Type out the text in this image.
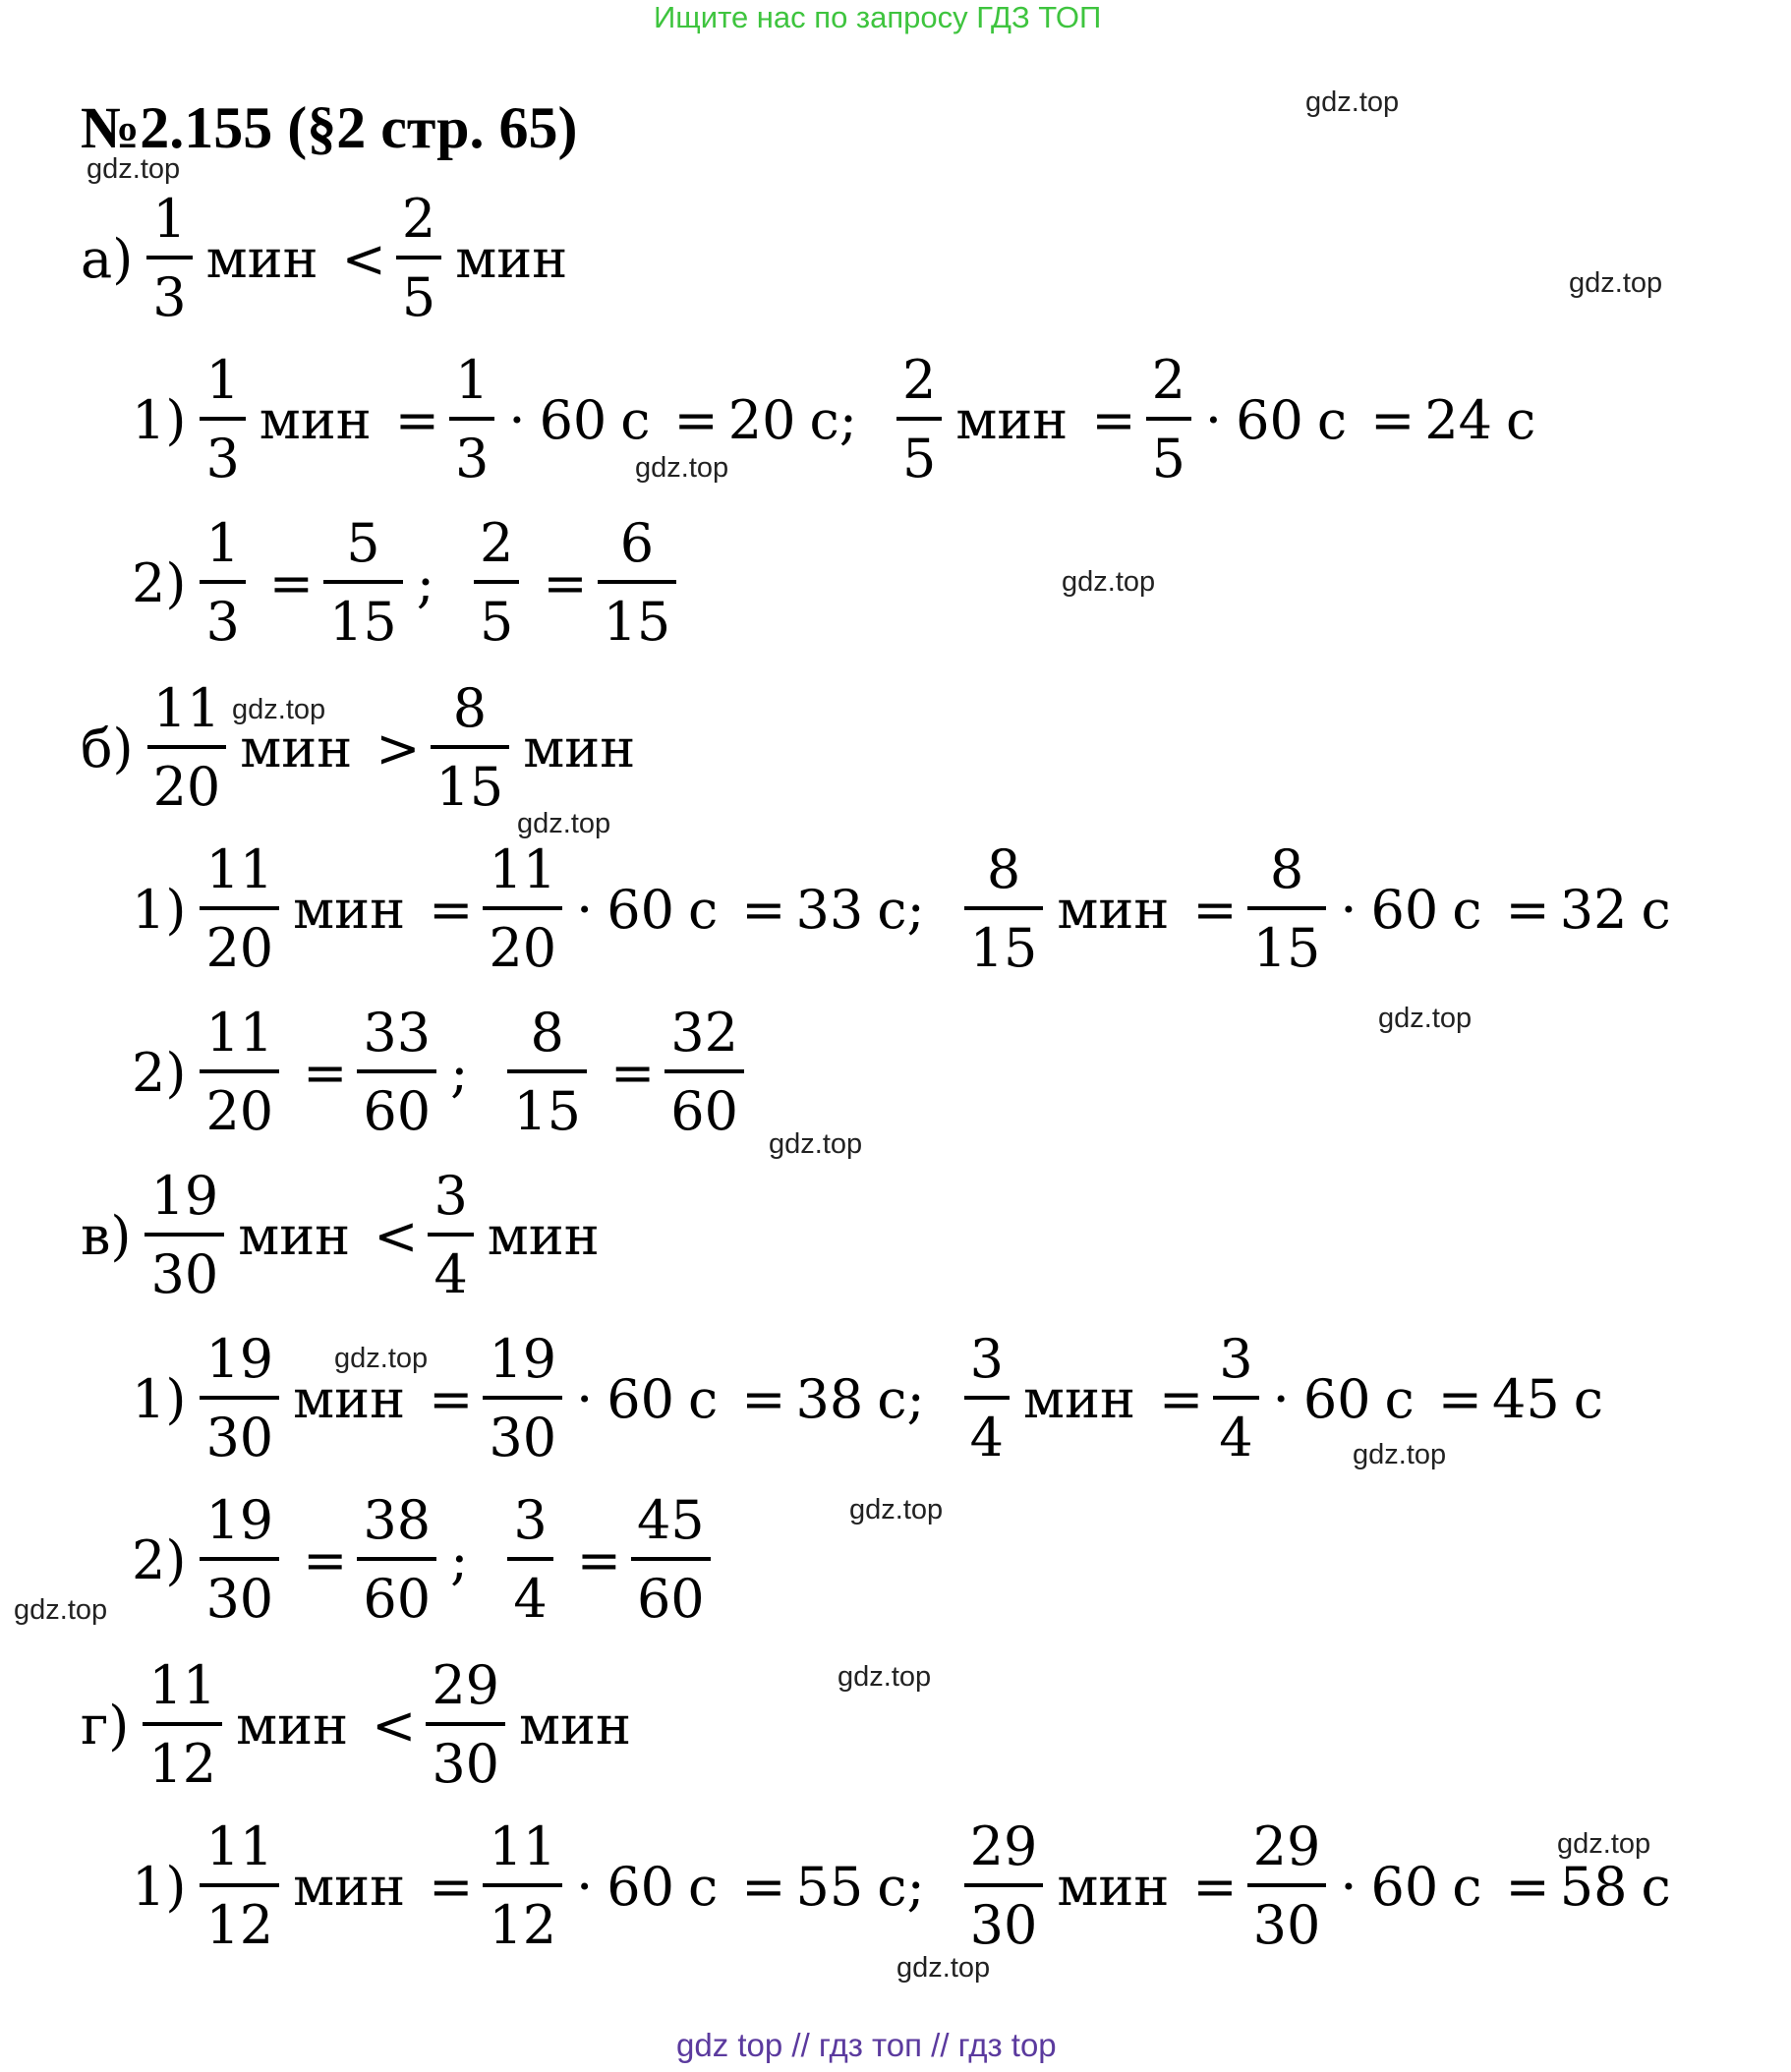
Ищите нас по запросу ГДЗ ТОП
№2.155 (§2 стр. 65)	gdz.top
gdz.top
gdz.top
gdz.top
gdz.top
gdz.top
gdz.top
gdz.top
gdz.top
gdz.top
gdz.top
gdz.top
gdz.top
gdz.top
gdz.top
gdz.top
$а) \frac{1}{3}$ мин < $\frac{2}{5}$ мин
$1) \frac{1}{3}$ мин = $\frac{1}{3} \cdot 60$ с = 20 с; $\frac{2}{5}$ мин = $\frac{2}{5} \cdot 60$ с = 24 с
$2) \frac{1}{3} = \frac{5}{15}$ ; $\frac{2}{5} = \frac{6}{15}$
$б) \frac{11}{20}$ мин > $\frac{8}{15}$ мин
$1) \frac{11}{20}$ мин = $\frac{11}{20} \cdot 60$ с = 33 с; $\frac{8}{15}$ мин = $\frac{8}{15} \cdot 60$ с = 32 с
$2) \frac{11}{20} = \frac{33}{60}$ ; $\frac{8}{15} = \frac{32}{60}$
$в) \frac{19}{30}$ мин < $\frac{3}{4}$ мин
$1) \frac{19}{30}$ мин = $\frac{19}{30} \cdot 60$ с = 38 с; $\frac{3}{4}$ мин = $\frac{3}{4} \cdot 60$ с = 45 с
$2) \frac{19}{30} = \frac{38}{60}$ ; $\frac{3}{4} = \frac{45}{60}$
$г) \frac{11}{12}$ мин < $\frac{29}{30}$ мин
$1) \frac{11}{12}$ мин = $\frac{11}{12} \cdot 60$ с = 55 с; $\frac{29}{30}$ мин = $\frac{29}{30} \cdot 60$ с = 58 с
gdz top // гдз топ // гдз top
